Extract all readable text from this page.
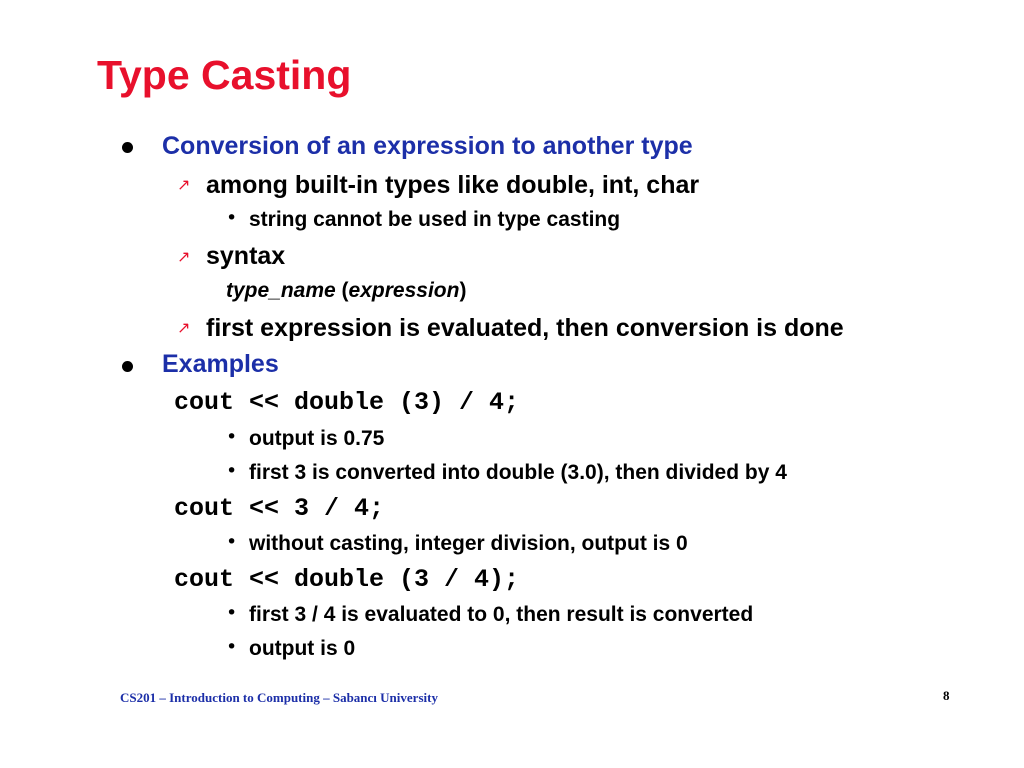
Type Casting
Conversion of an expression to another type
↗ among built-in types like double, int, char
• string cannot be used in type casting
↗ syntax
type_name (expression)
↗ first expression is evaluated, then conversion is done
Examples
cout << double (3) / 4;
• output is 0.75
• first 3 is converted into double (3.0), then divided by 4
cout << 3 / 4;
• without casting, integer division, output is 0
cout << double (3 / 4);
• first 3 / 4 is evaluated to 0, then result is converted
• output is 0
CS201 – Introduction to Computing – Sabancı University	8
